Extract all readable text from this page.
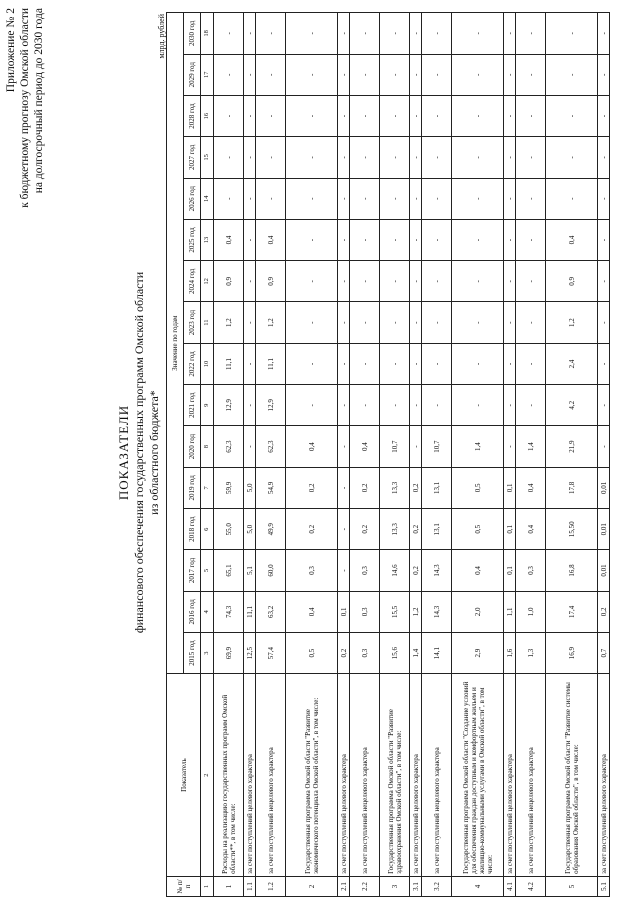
Приложение № 2 к бюджетному прогнозу Омской области на долгосрочный период до 2030 года
ПОКАЗАТЕЛИ финансового обеспечения государственных программ Омской области из областного бюджета*
млрд. рублей
№ п/п	Показатель	Значение по годам															
		2015 год	2016 год	2017 год	2018 год	2019 год	2020 год	2021 год	2022 год	2023 год	2024 год	2025 год	2026 год	2027 год	2028 год	2029 год	2030 год
1	2	3	4	5	6	7	8	9	10	11	12	13	14	15	16	17	18
1	Расходы на реализацию государственных программ Омской области**, в том числе:	69,9	74,3	65,1	55,0	59,9	62,3	12,9	11,1	1,2	0,9	0,4	-	-	-	-	-
1.1	за счет поступлений целевого характера	12,5	11,1	5,1	5,0	5,0	-	-	-	-	-	-	-	-	-	-	-
1.2	за счет поступлений нецелевого характера	57,4	63,2	60,0	49,9	54,9	62,3	12,9	11,1	1,2	0,9	0,4	-	-	-	-	-
2	Государственная программа Омской области "Развитие экономического потенциала Омской области", в том числе:	0,5	0,4	0,3	0,2	0,2	0,4	-	-	-	-	-	-	-	-	-	-
2.1	за счет поступлений целевого характера	0,2	0,1	-	-	-	-	-	-	-	-	-	-	-	-	-	-
2.2	за счет поступлений нецелевого характера	0,3	0,3	0,3	0,2	0,2	0,4	-	-	-	-	-	-	-	-	-	-
3	Государственная программа Омской области "Развитие здравоохранения Омской области", в том числе:	15,6	15,5	14,6	13,3	13,3	10,7	-	-	-	-	-	-	-	-	-	-
3.1	за счет поступлений целевого характера	1,4	1,2	0,2	0,2	0,2	-	-	-	-	-	-	-	-	-	-	-
3.2	за счет поступлений нецелевого характера	14,1	14,3	14,3	13,1	13,1	10,7	-	-	-	-	-	-	-	-	-	-
4	Государственная программа Омской области "Создание условий для обеспечения граждан доступным и комфортным жильем и жилищно-коммунальными услугами в Омской области", в том числе:	2,9	2,0	0,4	0,5	0,5	1,4	-	-	-	-	-	-	-	-	-	-
4.1	за счет поступлений целевого характера	1,6	1,1	0,1	0,1	0,1	-	-	-	-	-	-	-	-	-	-	-
4.2	за счет поступлений нецелевого характера	1,3	1,0	0,3	0,4	0,4	1,4	-	-	-	-	-	-	-	-	-	-
5	Государственная программа Омской области "Развитие системы образования Омской области", в том числе:	16,9	17,4	16,8	15,50	17,8	21,9	4,2	2,4	1,2	0,9	0,4	-	-	-	-	-
5.1	за счет поступлений целевого характера	0,7	0,2	0,01	0,01	0,01	-	-	-	-	-	-	-	-	-	-	-
